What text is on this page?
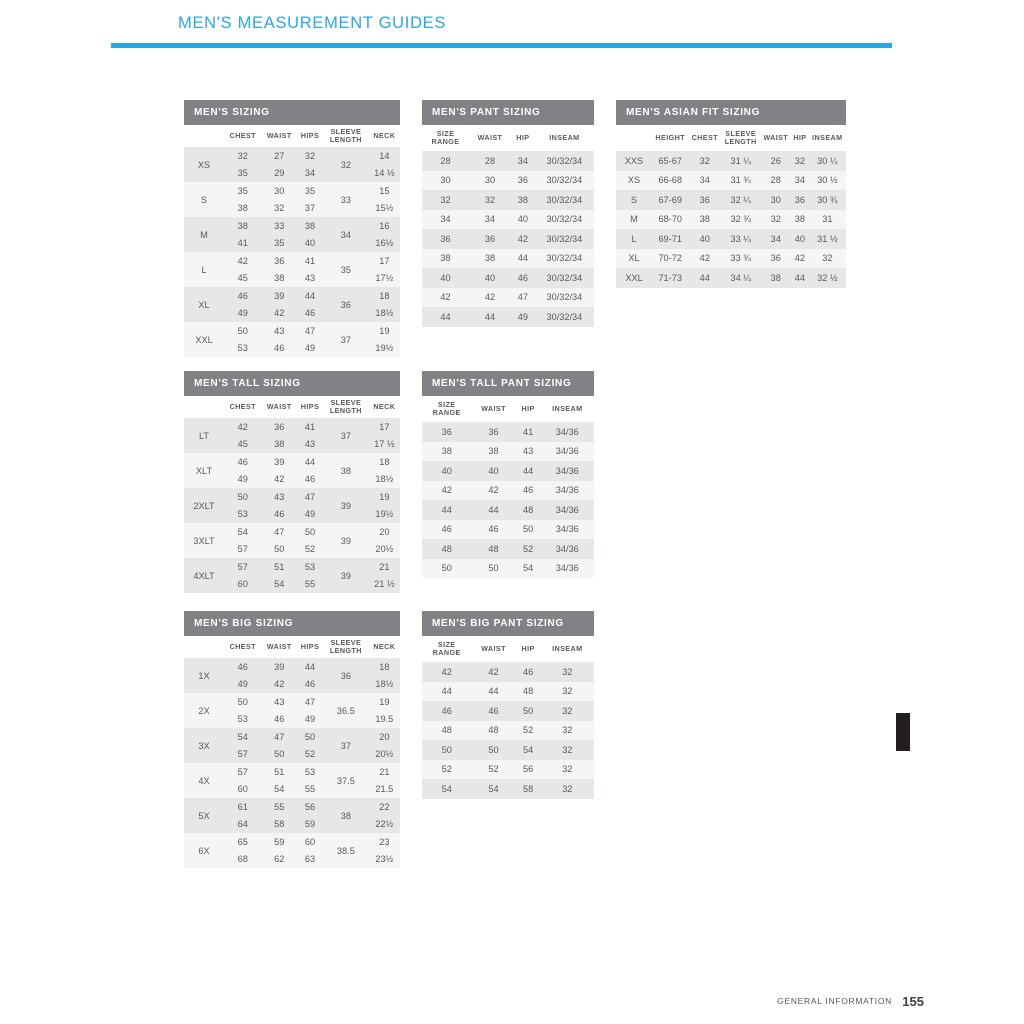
MEN'S MEASUREMENT GUIDES
MEN'S SIZING
	CHEST	WAIST	HIPS	SLEEVE
LENGTH	NECK
XS	32	27	32	32	14
	35	29	34		14 ½
S	35	30	35	33	15
	38	32	37		15½
M	38	33	38	34	16
	41	35	40		16½
L	42	36	41	35	17
	45	38	43		17½
XL	46	39	44	36	18
	49	42	46		18½
XXL	50	43	47	37	19
	53	46	49		19½
MEN'S PANT SIZING
SIZE
RANGE	WAIST	HIP	INSEAM
28	28	34	30/32/34
30	30	36	30/32/34
32	32	38	30/32/34
34	34	40	30/32/34
36	36	42	30/32/34
38	38	44	30/32/34
40	40	46	30/32/34
42	42	47	30/32/34
44	44	49	30/32/34
MEN'S ASIAN FIT SIZING
	HEIGHT	CHEST	SLEEVE
LENGTH	WAIST	HIP	INSEAM
XXS	65-67	32	31 ¼	26	32	30 ¼
XS	66-68	34	31 ¾	28	34	30 ½
S	67-69	36	32 ¼	30	36	30 ¾
M	68-70	38	32 ¾	32	38	31
L	69-71	40	33 ¼	34	40	31 ½
XL	70-72	42	33 ¾	36	42	32
XXL	71-73	44	34 ¼	38	44	32 ½
MEN'S TALL SIZING
	CHEST	WAIST	HIPS	SLEEVE
LENGTH	NECK
LT	42	36	41	37	17
	45	38	43		17 ½
XLT	46	39	44	38	18
	49	42	46		18½
2XLT	50	43	47	39	19
	53	46	49		19½
3XLT	54	47	50	39	20
	57	50	52		20½
4XLT	57	51	53	39	21
	60	54	55		21 ½
MEN'S TALL PANT SIZING
SIZE
RANGE	WAIST	HIP	INSEAM
36	36	41	34/36
38	38	43	34/36
40	40	44	34/36
42	42	46	34/36
44	44	48	34/36
46	46	50	34/36
48	48	52	34/36
50	50	54	34/36
MEN'S BIG SIZING
	CHEST	WAIST	HIPS	SLEEVE
LENGTH	NECK
1X	46	39	44	36	18
	49	42	46		18½
2X	50	43	47	36.5	19
	53	46	49		19.5
3X	54	47	50	37	20
	57	50	52		20½
4X	57	51	53	37.5	21
	60	54	55		21.5
5X	61	55	56	38	22
	64	58	59		22½
6X	65	59	60	38.5	23
	68	62	63		23½
MEN'S BIG PANT SIZING
SIZE
RANGE	WAIST	HIP	INSEAM
42	42	46	32
44	44	48	32
46	46	50	32
48	48	52	32
50	50	54	32
52	52	56	32
54	54	58	32
GENERAL INFORMATION 155
